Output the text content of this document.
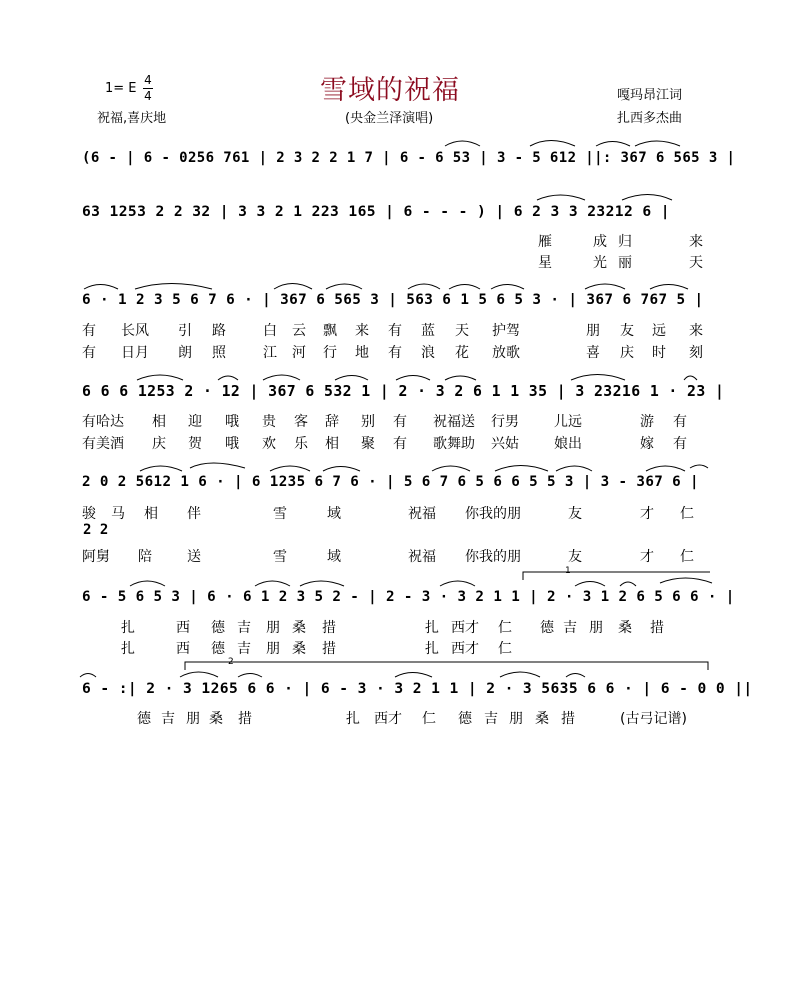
1= E
4
4	雪域的祝福
(央金兰泽演唱)
嘎玛昂江词
扎西多杰曲
祝福,喜庆地
(6 - | 6 - 0256 761 | 2 3 2 2 1 7 | 6 - 6 53 | 3 - 5 612 ||: 367 6 565 3 |
63 1253 2 2 32 | 3 3 2 1 223 165 | 6 - - - ) | 6 2 3 3 23212 6 |
6 · 1 2 3 5 6 7 6 · | 367 6 565 3 | 563 6 1 5 6 5 3 · | 367 6 767 5 |
6 6 6 1253 2 · 12 | 367 6 532 1 | 2 · 3 2 6 1 1 35 | 3 23216 1 · 23 |
2 0 2 5612 1 6 · | 6 1235 6 7 6 · | 5 6 7 6 5 6 6 5 5 3 | 3 - 367 6 |
6 - 5 6 5 3 | 6 · 6 1 2 3 5 2 - | 2 - 3 · 3 2 1 1 | 2 · 3 1 2 6 5 6 6 · |
6 - :| 2 · 3 1265 6 6 · | 6 - 3 · 3 2 1 1 | 2 · 3 5635 6 6 · | 6 - 0 0 ||
雁	成 归	来
星	光 丽	天
有 长风 引 路	白 云 飘 来 有 蓝 天 护驾	朋 友 远 来
有 日月 朗 照	江 河 行 地 有 浪 花 放歌	喜 庆 时 刻
有哈达 相 迎 哦 贵 客 辞 别 有 祝福送 行男	儿远	游 有
有美酒 庆 贺 哦 欢 乐 相 聚 有 歌舞助 兴姑	娘出	嫁 有
骏 马 相 伴	雪	域	祝福 你我的朋	友	才 仁
2 2
阿舅 陪	送	雪	域	祝福 你我的朋	友	才 仁
扎	西 德 吉 朋 桑 措	扎 西才 仁 德 吉 朋 桑 措
扎	西 德 吉 朋 桑 措	扎 西才 仁
德 吉 朋 桑 措	扎 西才 仁 德 吉 朋 桑 措	(古弓记谱)
1
2
